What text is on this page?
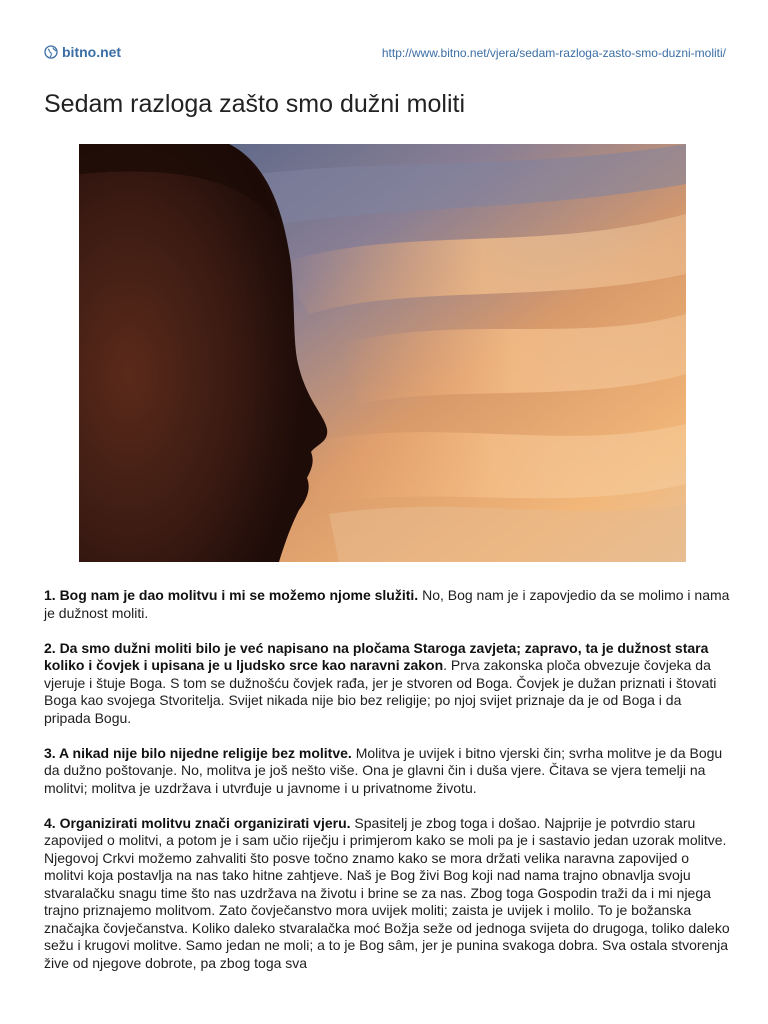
bitno.net	http://www.bitno.net/vjera/sedam-razloga-zasto-smo-duzni-moliti/
Sedam razloga zašto smo dužni moliti

1. Bog nam je dao molitvu i mi se možemo njome služiti. No, Bog nam je i zapovjedio da se molimo i nama je dužnost moliti.

2. Da smo dužni moliti bilo je već napisano na pločama Staroga zavjeta; zapravo, ta je dužnost stara koliko i čovjek i upisana je u ljudsko srce kao naravni zakon. Prva zakonska ploča obvezuje čovjeka da vjeruje i štuje Boga. S tom se dužnošću čovjek rađa, jer je stvoren od Boga. Čovjek je dužan priznati i štovati Boga kao svojega Stvoritelja. Svijet nikada nije bio bez religije; po njoj svijet priznaje da je od Boga i da pripada Bogu.

3. A nikad nije bilo nijedne religije bez molitve. Molitva je uvijek i bitno vjerski čin; svrha molitve je da Bogu da dužno poštovanje. No, molitva je još nešto više. Ona je glavni čin i duša vjere. Čitava se vjera temelji na molitvi; molitva je uzdržava i utvrđuje u javnome i u privatnome životu.

4. Organizirati molitvu znači organizirati vjeru. Spasitelj je zbog toga i došao. Najprije je potvrdio staru zapovijed o molitvi, a potom je i sam učio riječju i primjerom kako se moli pa je i sastavio jedan uzorak molitve. Njegovoj Crkvi možemo zahvaliti što posve točno znamo kako se mora držati velika naravna zapovijed o molitvi koja postavlja na nas tako hitne zahtjeve. Naš je Bog živi Bog koji nad nama trajno obnavlja svoju stvaralačku snagu time što nas uzdržava na životu i brine se za nas. Zbog toga Gospodin traži da i mi njega trajno priznajemo molitvom. Zato čovječanstvo mora uvijek moliti; zaista je uvijek i molilo. To je božanska značajka čovječanstva. Koliko daleko stvaralačka moć Božja seže od jednoga svijeta do drugoga, toliko daleko sežu i krugovi molitve. Samo jedan ne moli; a to je Bog sâm, jer je punina svakoga dobra. Sva ostala stvorenja žive od njegove dobrote, pa zbog toga sva
